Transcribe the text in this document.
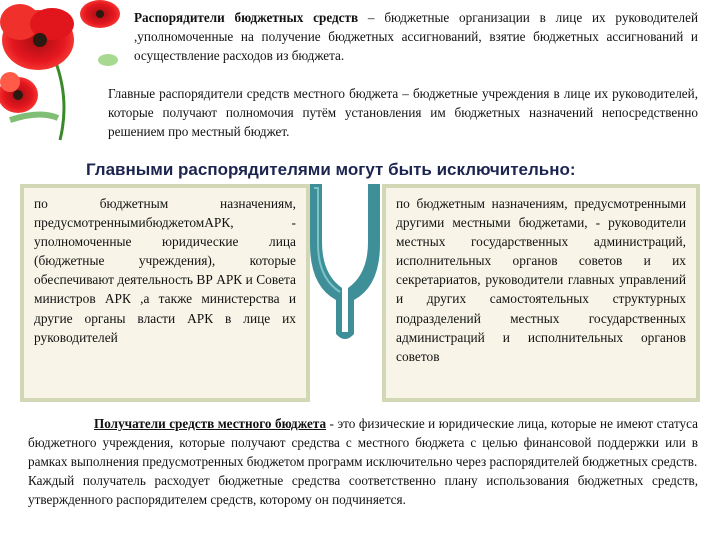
Распорядители бюджетных средств – бюджетные организации в лице их руководителей ,уполномоченные на получение бюджетных ассигнований, взятие бюджетных ассигнований и осуществление расходов из бюджета.

Главные распорядители средств местного бюджета – бюджетные учреждения в лице их руководителей, которые получают полномочия путём установления им бюджетных назначений непосредственно решением про местный бюджет.

Главными распорядителями могут быть исключительно:
по бюджетным назначениям, предусмотреннымибюджетомАРК, - уполномоченные юридические лица (бюджетные учреждения), которые обеспечивают деятельность ВР АРК и Совета министров АРК ,а также министерства и другие органы власти АРК в лице их руководителей
по бюджетным назначениям, предусмотренными другими местными бюджетами, - руководители местных государственных администраций, исполнительных органов советов и их секретариатов, руководители главных управлений и других самостоятельных структурных подразделений местных государственных администраций и исполнительных органов советов

Получатели средств местного бюджета - это физические и юридические лица, которые не имеют статуса бюджетного учреждения, которые получают средства с местного бюджета с целью финансовой поддержки или в рамках выполнения предусмотренных бюджетом программ исключительно через распорядителей бюджетных средств.

Каждый получатель расходует бюджетные средства соответственно плану использования бюджетных средств, утвержденного распорядителем средств, которому он подчиняется.
